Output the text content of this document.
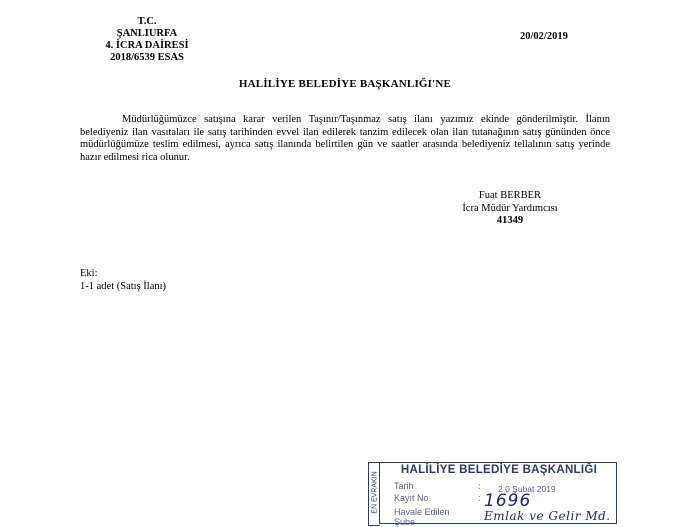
T.C.
ŞANLIURFA
4. İCRA DAİRESİ
2018/6539 ESAS
20/02/2019
HALİLİYE BELEDİYE BAŞKANLIĞI'NE
Müdürlüğümüzce satışına karar verilen Taşınır/Taşınmaz satış ilanı yazımız ekinde gönderilmiştir. İlanın belediyeniz ilan vasıtaları ile satış tarihinden evvel ilan edilerek tanzim edilecek olan ilan tutanağının satış gününden önce müdürlüğümüze teslim edilmesi, ayrıca satış ilanında belirtilen gün ve saatler arasında belediyeniz tellalının satış yerinde hazır edilmesi rica olunur.
Fuat BERBER
İcra Müdür Yardımcısı
41349
Eki:
1-1 adet (Satış İlanı)
EN EVRAKIN
HALİLİYE BELEDİYE BAŞKANLIĞI
Tarih	: 2 0 Şubat 2019
Kayıt No	: 1696
Havale Edilen	Emlak ve Gelir Md.
Şube
